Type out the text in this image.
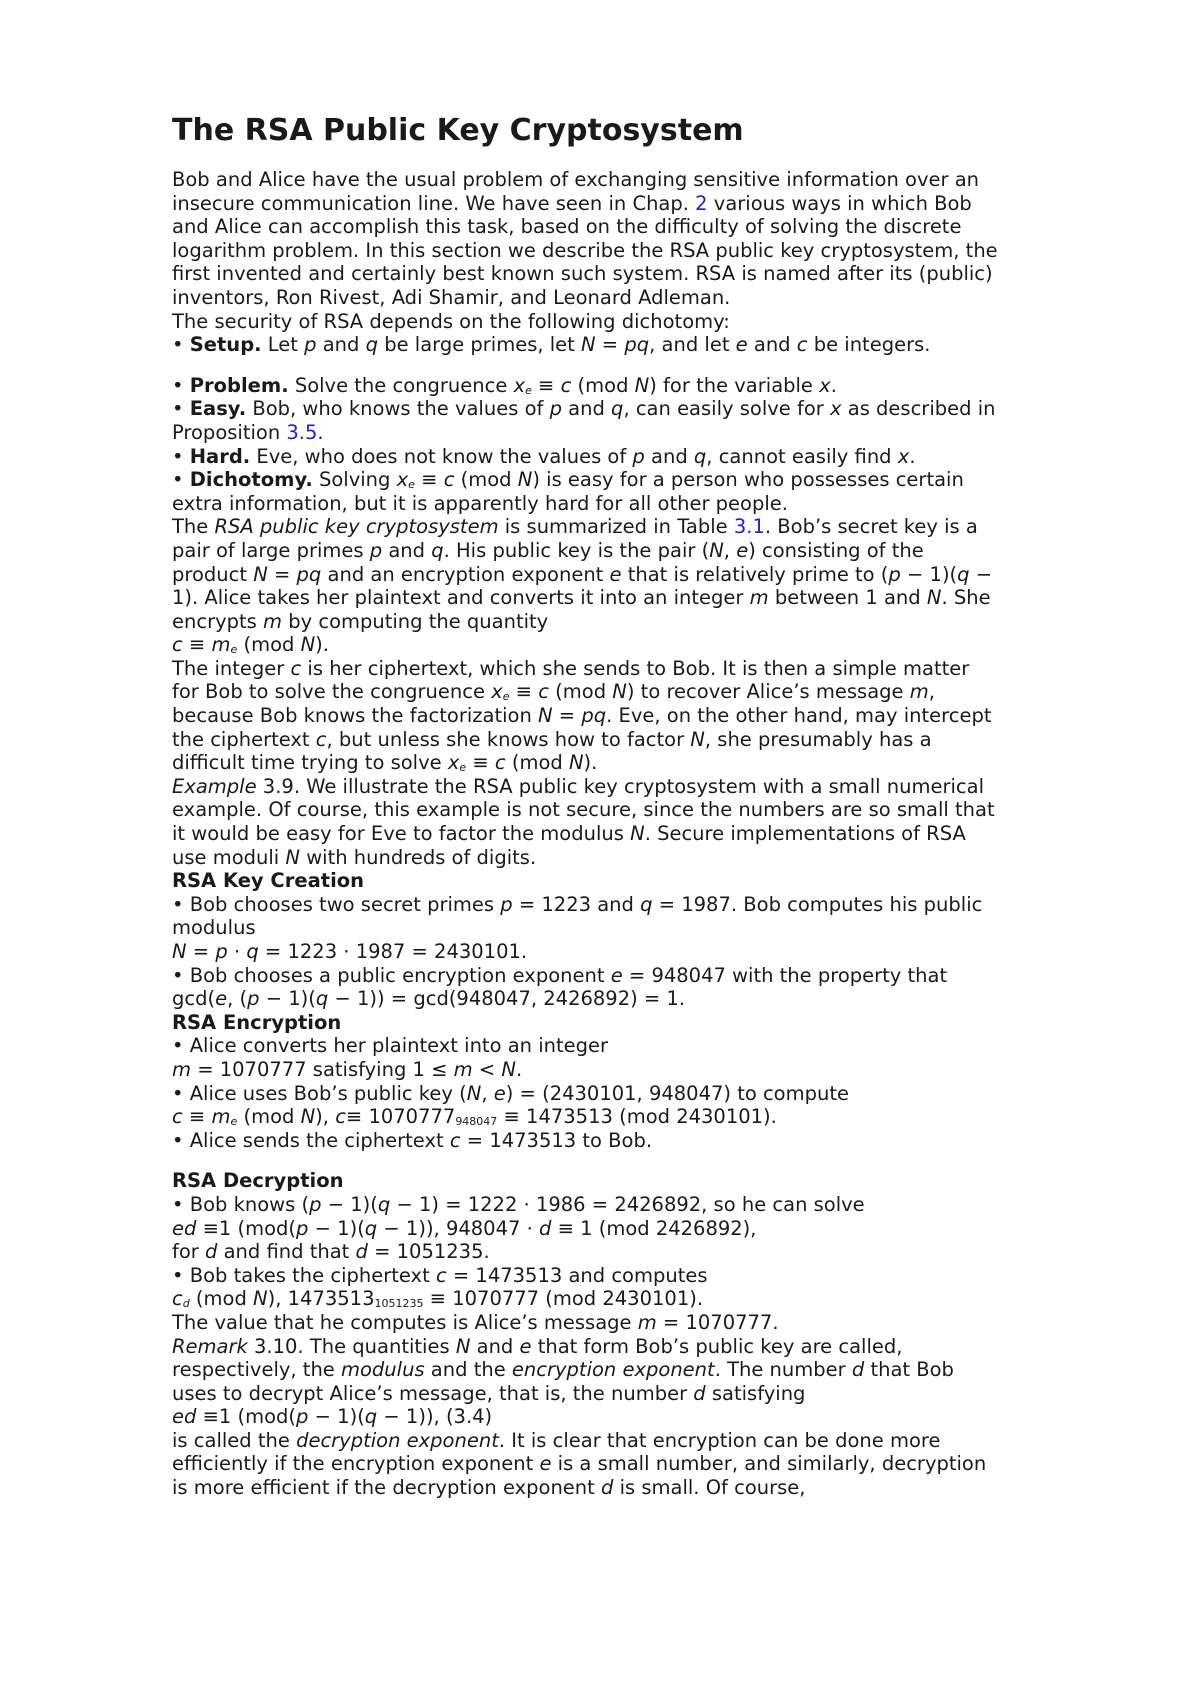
The RSA Public Key Cryptosystem

Bob and Alice have the usual problem of exchanging sensitive information over an insecure communication line. We have seen in Chap. 2 various ways in which Bob and Alice can accomplish this task, based on the difficulty of solving the discrete logarithm problem. In this section we describe the RSA public key cryptosystem, the first invented and certainly best known such system. RSA is named after its (public) inventors, Ron Rivest, Adi Shamir, and Leonard Adleman.

The security of RSA depends on the following dichotomy:

• Setup. Let p and q be large primes, let N = pq, and let e and c be integers.

• Problem. Solve the congruence $x_e \equiv c$ (mod N) for the variable x.

• Easy. Bob, who knows the values of p and q, can easily solve for x as described in Proposition 3.5.

• Hard. Eve, who does not know the values of p and q, cannot easily find x.

• Dichotomy. Solving $x_e \equiv c$ (mod N) is easy for a person who possesses certain extra information, but it is apparently hard for all other people.

The RSA public key cryptosystem is summarized in Table 3.1. Bob’s secret key is a pair of large primes p and q. His public key is the pair (N, e) consisting of the product N = pq and an encryption exponent e that is relatively prime to (p − 1)(q − 1). Alice takes her plaintext and converts it into an integer m between 1 and N. She encrypts m by computing the quantity

$c \equiv m_e$ (mod N).

The integer c is her ciphertext, which she sends to Bob. It is then a simple matter for Bob to solve the congruence $x_e \equiv c$ (mod N) to recover Alice’s message m, because Bob knows the factorization N = pq. Eve, on the other hand, may intercept the ciphertext c, but unless she knows how to factor N, she presumably has a difficult time trying to solve $x_e \equiv c$ (mod N).

Example 3.9. We illustrate the RSA public key cryptosystem with a small numerical example. Of course, this example is not secure, since the numbers are so small that it would be easy for Eve to factor the modulus N. Secure implementations of RSA use moduli N with hundreds of digits.

RSA Key Creation

• Bob chooses two secret primes p = 1223 and q = 1987. Bob computes his public modulus

N = p · q = 1223 · 1987 = 2430101.

• Bob chooses a public encryption exponent e = 948047 with the property that

gcd(e, (p − 1)(q − 1)) = gcd(948047, 2426892) = 1.

RSA Encryption

• Alice converts her plaintext into an integer

m = 1070777 satisfying 1 ≤ m < N.

• Alice uses Bob’s public key (N, e) = (2430101, 948047) to compute

$c \equiv m_e$ (mod N), $c\equiv 1070777_{948047} \equiv 1473513$ (mod 2430101).

• Alice sends the ciphertext c = 1473513 to Bob.

RSA Decryption

• Bob knows (p − 1)(q − 1) = 1222 · 1986 = 2426892, so he can solve

ed ≡1 (mod(p − 1)(q − 1)), 948047 · d ≡ 1 (mod 2426892),

for d and find that d = 1051235.

• Bob takes the ciphertext c = 1473513 and computes

$c_d$ (mod N), $1473513_{1051235} \equiv 1070777$ (mod 2430101).

The value that he computes is Alice’s message m = 1070777.

Remark 3.10. The quantities N and e that form Bob’s public key are called, respectively, the modulus and the encryption exponent. The number d that Bob uses to decrypt Alice’s message, that is, the number d satisfying

ed ≡1 (mod(p − 1)(q − 1)), (3.4)

is called the decryption exponent. It is clear that encryption can be done more efficiently if the encryption exponent e is a small number, and similarly, decryption is more efficient if the decryption exponent d is small. Of course,
